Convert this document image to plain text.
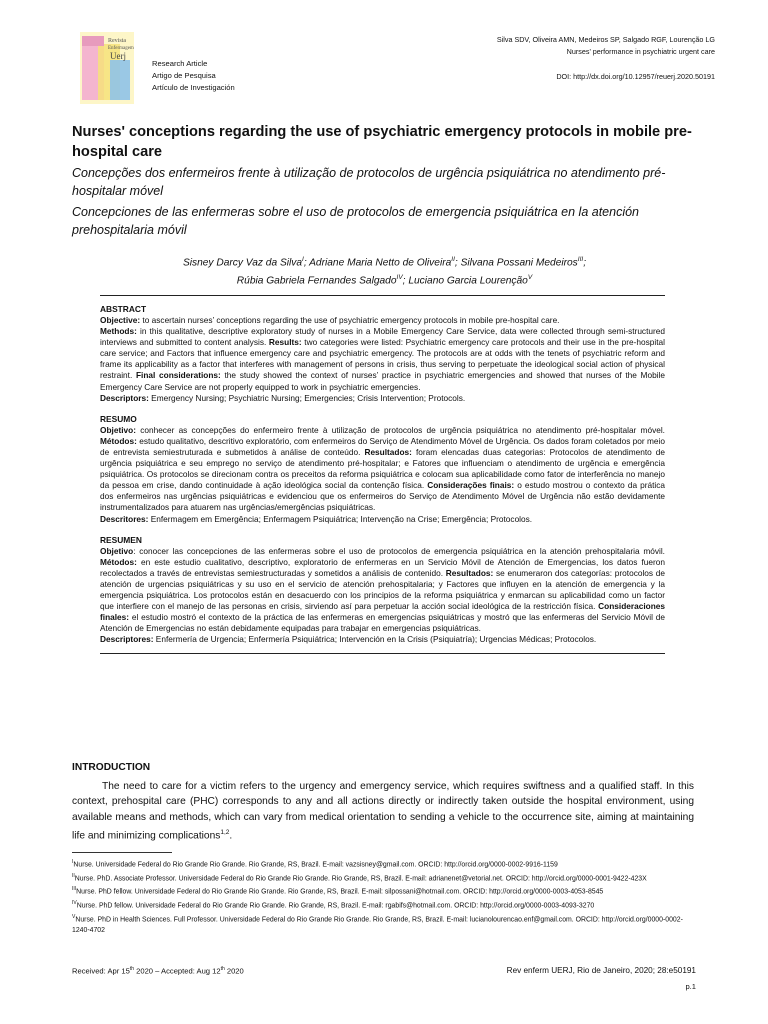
Revista
Enfermagem
Uerj
Research Article
Artigo de Pesquisa
Artículo de Investigación
Silva SDV, Oliveira AMN, Medeiros SP, Salgado RGF, Lourenção LG
Nurses’ performance in psychiatric urgent care
DOI: http://dx.doi.org/10.12957/reuerj.2020.50191
Nurses' conceptions regarding the use of psychiatric emergency protocols in mobile pre-hospital care

Concepções dos enfermeiros frente à utilização de protocolos de urgência psiquiátrica no atendimento pré-hospitalar móvel

Concepciones de las enfermeras sobre el uso de protocolos de emergencia psiquiátrica en la atención prehospitalaria móvil

Sisney Darcy Vaz da Silva$^I$; Adriane Maria Netto de Oliveira$^{II}$; Silvana Possani Medeiros$^{III}$;
Rúbia Gabriela Fernandes Salgado$^{IV}$; Luciano Garcia Lourenção$^V$
ABSTRACT
Objective: to ascertain nurses’ conceptions regarding the use of psychiatric emergency protocols in mobile pre-hospital care.
Methods: in this qualitative, descriptive exploratory study of nurses in a Mobile Emergency Care Service, data were collected through semi-structured interviews and submitted to content analysis. Results: two categories were listed: Psychiatric emergency care protocols and their use in the pre-hospital care service; and Factors that influence emergency care and psychiatric emergency. The protocols are at odds with the tenets of psychiatric reform and frame its applicability as a factor that interferes with management of persons in crisis, thus serving to perpetuate the ideological social action of physical restraint. Final considerations: the study showed the context of nurses’ practice in psychiatric emergencies and showed that nurses of the Mobile Emergency Care Service are not properly equipped to work in psychiatric emergencies.
Descriptors: Emergency Nursing; Psychiatric Nursing; Emergencies; Crisis Intervention; Protocols.
RESUMO
Objetivo: conhecer as concepções do enfermeiro frente à utilização de protocolos de urgência psiquiátrica no atendimento pré-hospitalar móvel. Métodos: estudo qualitativo, descritivo exploratório, com enfermeiros do Serviço de Atendimento Móvel de Urgência. Os dados foram coletados por meio de entrevista semiestruturada e submetidos à análise de conteúdo. Resultados: foram elencadas duas categorias: Protocolos de atendimento de urgência psiquiátrica e seu emprego no serviço de atendimento pré-hospitalar; e Fatores que influenciam o atendimento de urgência e emergência psiquiátrica. Os protocolos se direcionam contra os preceitos da reforma psiquiátrica e colocam sua aplicabilidade como fator de interferência no manejo da pessoa em crise, dando continuidade à ação ideológica social da contenção física. Considerações finais: o estudo mostrou o contexto da prática dos enfermeiros nas urgências psiquiátricas e evidenciou que os enfermeiros do Serviço de Atendimento Móvel de Urgência não estão devidamente instrumentalizados para atuarem nas urgências/emergências psiquiátricas.
Descritores: Enfermagem em Emergência; Enfermagem Psiquiátrica; Intervenção na Crise; Emergência; Protocolos.
RESUMEN
Objetivo: conocer las concepciones de las enfermeras sobre el uso de protocolos de emergencia psiquiátrica en la atención prehospitalaria móvil. Métodos: en este estudio cualitativo, descriptivo, exploratorio de enfermeras en un Servicio Móvil de Atención de Emergencias, los datos fueron recolectados a través de entrevistas semiestructuradas y sometidos a análisis de contenido. Resultados: se enumeraron dos categorías: protocolos de atención de urgencias psiquiátricas y su uso en el servicio de atención prehospitalaria; y Factores que influyen en la atención de emergencia y la emergencia psiquiátrica. Los protocolos están en desacuerdo con los principios de la reforma psiquiátrica y enmarcan su aplicabilidad como un factor que interfiere con el manejo de las personas en crisis, sirviendo así para perpetuar la acción social ideológica de la restricción física. Consideraciones finales: el estudio mostró el contexto de la práctica de las enfermeras en emergencias psiquiátricas y mostró que las enfermeras del Servicio Móvil de Atención de Emergencias no están debidamente equipadas para trabajar en emergencias psiquiátricas.
Descriptores: Enfermería de Urgencia; Enfermería Psiquiátrica; Intervención en la Crisis (Psiquiatría); Urgencias Médicas; Protocolos.
INTRODUCTION

The need to care for a victim refers to the urgency and emergency service, which requires swiftness and a qualified staff. In this context, prehospital care (PHC) corresponds to any and all actions directly or indirectly taken outside the hospital environment, using available means and methods, which can vary from medical orientation to sending a vehicle to the occurrence site, aiming at maintaining life and minimizing complications$^{1,2}$.

$^I$Nurse. Universidade Federal do Rio Grande Rio Grande. Rio Grande, RS, Brazil. E-mail: vazsisney@gmail.com. ORCID: http://orcid.org/0000-0002-9916-1159
$^{II}$Nurse. PhD. Associate Professor. Universidade Federal do Rio Grande Rio Grande. Rio Grande, RS, Brazil. E-mail: adrianenet@vetorial.net. ORCID: http://orcid.org/0000-0001-9422-423X
$^{III}$Nurse. PhD fellow. Universidade Federal do Rio Grande Rio Grande. Rio Grande, RS, Brazil. E-mail: silpossani@hotmail.com. ORCID: http://orcid.org/0000-0003-4053-8545
$^{IV}$Nurse. PhD fellow. Universidade Federal do Rio Grande Rio Grande. Rio Grande, RS, Brazil. E-mail: rgabifs@hotmail.com. ORCID: http://orcid.org/0000-0003-4093-3270
$^V$Nurse. PhD in Health Sciences. Full Professor. Universidade Federal do Rio Grande Rio Grande. Rio Grande, RS, Brazil. E-mail: lucianolourencao.enf@gmail.com. ORCID: http://orcid.org/0000-0002-1240-4702
Received: Apr 15th 2020 – Accepted: Aug 12th 2020	Rev enferm UERJ, Rio de Janeiro, 2020; 28:e50191
p.1
